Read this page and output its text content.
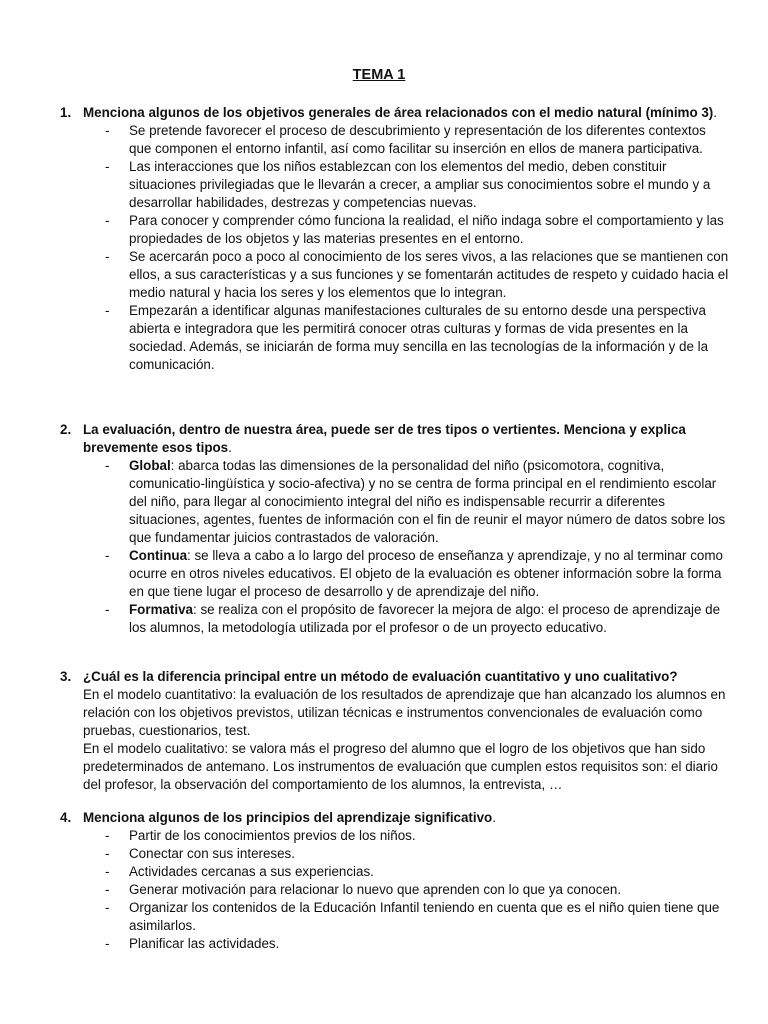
TEMA 1
1. Menciona algunos de los objetivos generales de área relacionados con el medio natural (mínimo 3).
- Se pretende favorecer el proceso de descubrimiento y representación de los diferentes contextos que componen el entorno infantil, así como facilitar su inserción en ellos de manera participativa.
- Las interacciones que los niños establezcan con los elementos del medio, deben constituir situaciones privilegiadas que le llevarán a crecer, a ampliar sus conocimientos sobre el mundo y a desarrollar habilidades, destrezas y competencias nuevas.
- Para conocer y comprender cómo funciona la realidad, el niño indaga sobre el comportamiento y las propiedades de los objetos y las materias presentes en el entorno.
- Se acercarán poco a poco al conocimiento de los seres vivos, a las relaciones que se mantienen con ellos, a sus características y a sus funciones y se fomentarán actitudes de respeto y cuidado hacia el medio natural y hacia los seres y los elementos que lo integran.
- Empezarán a identificar algunas manifestaciones culturales de su entorno desde una perspectiva abierta e integradora que les permitirá conocer otras culturas y formas de vida presentes en la sociedad. Además, se iniciarán de forma muy sencilla en las tecnologías de la información y de la comunicación.
2. La evaluación, dentro de nuestra área, puede ser de tres tipos o vertientes. Menciona y explica brevemente esos tipos.
- Global: abarca todas las dimensiones de la personalidad del niño (psicomotora, cognitiva, comunicatio-lingüística y socio-afectiva) y no se centra de forma principal en el rendimiento escolar del niño, para llegar al conocimiento integral del niño es indispensable recurrir a diferentes situaciones, agentes, fuentes de información con el fin de reunir el mayor número de datos sobre los que fundamentar juicios contrastados de valoración.
- Continua: se lleva a cabo a lo largo del proceso de enseñanza y aprendizaje, y no al terminar como ocurre en otros niveles educativos. El objeto de la evaluación es obtener información sobre la forma en que tiene lugar el proceso de desarrollo y de aprendizaje del niño.
- Formativa: se realiza con el propósito de favorecer la mejora de algo: el proceso de aprendizaje de los alumnos, la metodología utilizada por el profesor o de un proyecto educativo.
3. ¿Cuál es la diferencia principal entre un método de evaluación cuantitativo y uno cualitativo?
En el modelo cuantitativo: la evaluación de los resultados de aprendizaje que han alcanzado los alumnos en relación con los objetivos previstos, utilizan técnicas e instrumentos convencionales de evaluación como pruebas, cuestionarios, test.
En el modelo cualitativo: se valora más el progreso del alumno que el logro de los objetivos que han sido predeterminados de antemano. Los instrumentos de evaluación que cumplen estos requisitos son: el diario del profesor, la observación del comportamiento de los alumnos, la entrevista, …
4. Menciona algunos de los principios del aprendizaje significativo.
- Partir de los conocimientos previos de los niños.
- Conectar con sus intereses.
- Actividades cercanas a sus experiencias.
- Generar motivación para relacionar lo nuevo que aprenden con lo que ya conocen.
- Organizar los contenidos de la Educación Infantil teniendo en cuenta que es el niño quien tiene que asimilarlos.
- Planificar las actividades.
